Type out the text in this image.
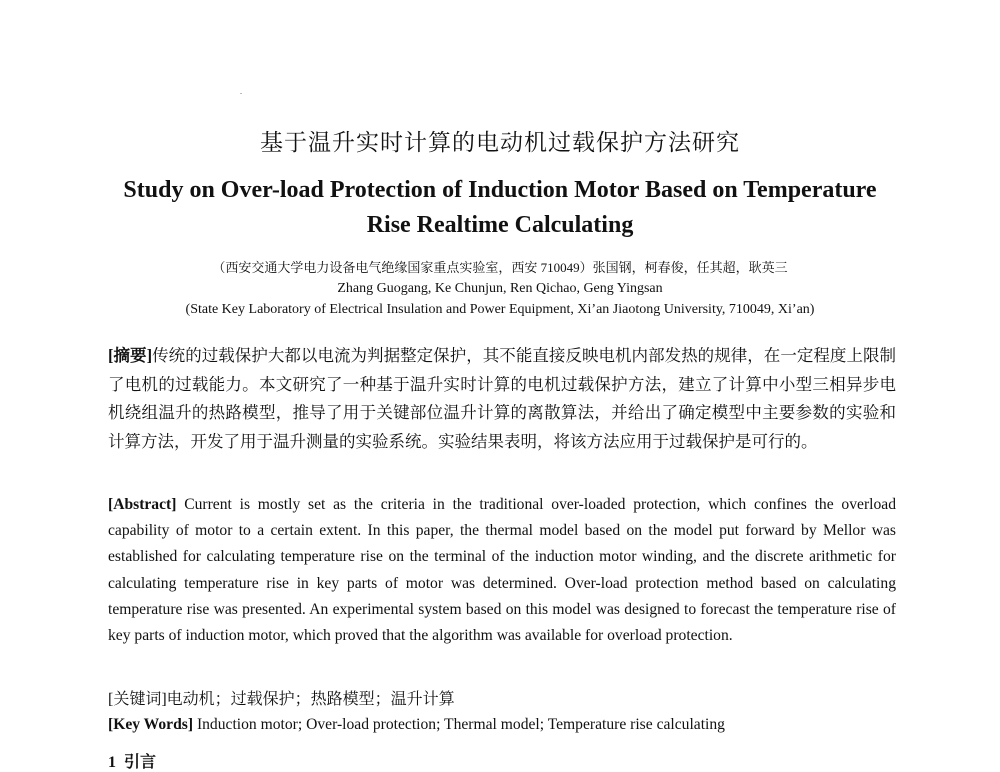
基于温升实时计算的电动机过载保护方法研究
Study on Over-load Protection of Induction Motor Based on Temperature
Rise Realtime Calculating
（西安交通大学电力设备电气绝缘国家重点实验室，西安 710049）张国钢，柯春俊，任其超，耿英三
Zhang Guogang, Ke Chunjun, Ren Qichao, Geng Yingsan
(State Key Laboratory of Electrical Insulation and Power Equipment, Xi’an Jiaotong University, 710049, Xi’an)
[摘要]传统的过载保护大都以电流为判据整定保护，其不能直接反映电机内部发热的规律，在一定程度上限制了电机的过载能力。本文研究了一种基于温升实时计算的电机过载保护方法，建立了计算中小型三相异步电机绕组温升的热路模型，推导了用于关键部位温升计算的离散算法，并给出了确定模型中主要参数的实验和计算方法，开发了用于温升测量的实验系统。实验结果表明，将该方法应用于过载保护是可行的。
[Abstract] Current is mostly set as the criteria in the traditional over-loaded protection, which confines the overload capability of motor to a certain extent. In this paper, the thermal model based on the model put forward by Mellor was established for calculating temperature rise on the terminal of the induction motor winding, and the discrete arithmetic for calculating temperature rise in key parts of motor was determined. Over-load protection method based on calculating temperature rise was presented. An experimental system based on this model was designed to forecast the temperature rise of key parts of induction motor, which proved that the algorithm was available for overload protection.
[关键词]电动机；过载保护；热路模型；温升计算
[Key Words] Induction motor; Over-load protection; Thermal model; Temperature rise calculating
1 引言
